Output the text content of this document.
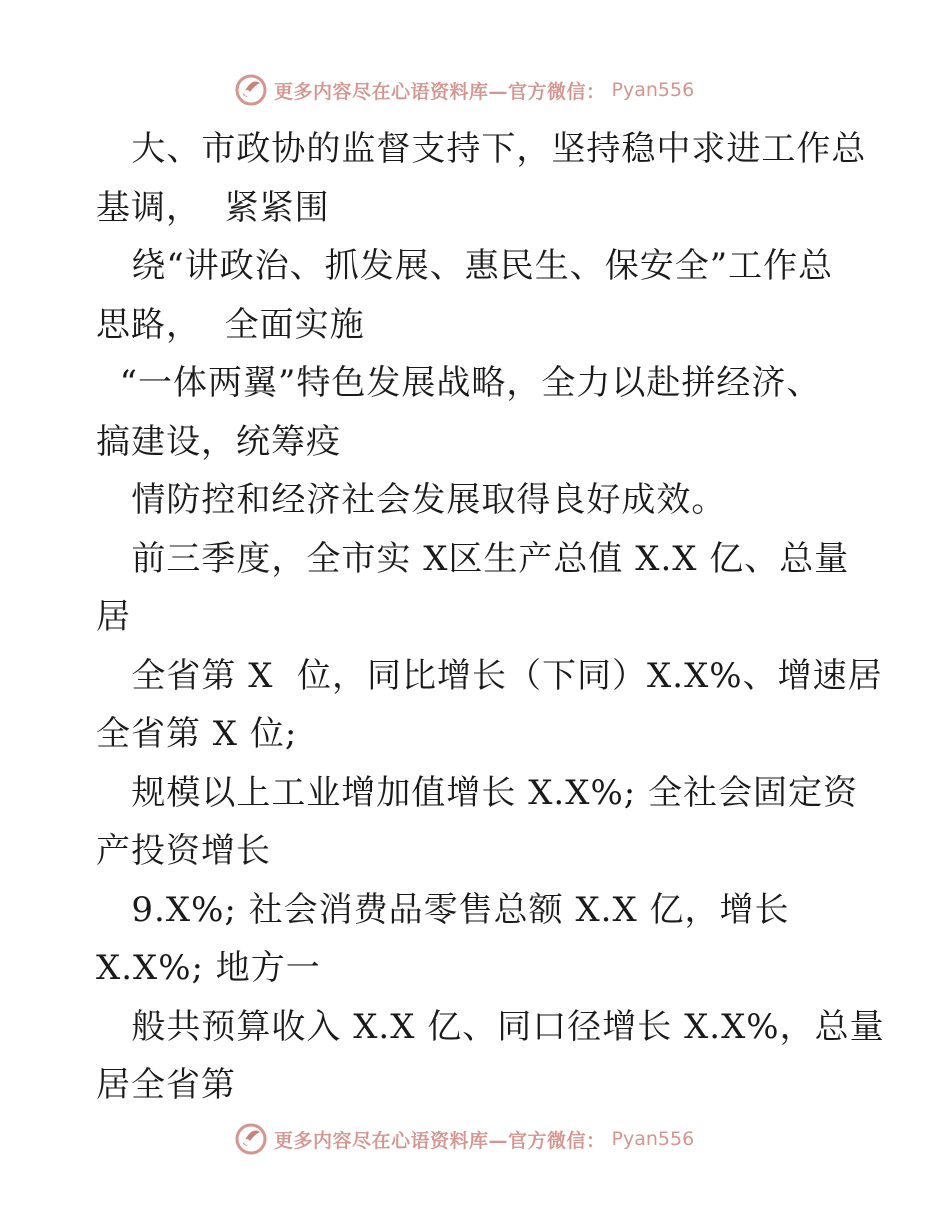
更多内容尽在心语资料库—官方微信： Pyan556
大、市政协的监督支持下，坚持稳中求进工作总
基调，  紧紧围
绕“讲政治、抓发展、惠民生、保安全”工作总
思路，  全面实施
“一体两翼”特色发展战略，全力以赴拼经济、
搞建设，统筹疫
情防控和经济社会发展取得良好成效。
前三季度，全市实 X区生产总值 X.X 亿、总量
居
全省第 X  位，同比增长（下同）X.X%、增速居
全省第 X 位;
规模以上工业增加值增长 X.X%; 全社会固定资
产投资增长
9.X%; 社会消费品零售总额 X.X 亿，增长
X.X%; 地方一
般共预算收入 X.X 亿、同口径增长 X.X%，总量
居全省第
更多内容尽在心语资料库—官方微信： Pyan556
